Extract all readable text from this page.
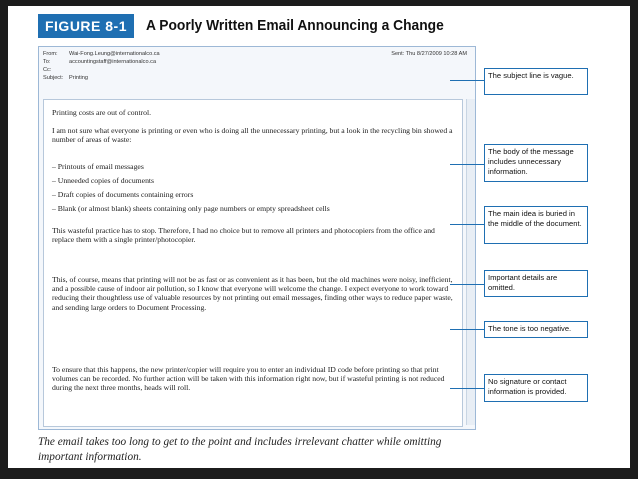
FIGURE 8-1	A Poorly Written Email Announcing a Change
From: Wai-Fong.Leung@internationalco.ca	Sent: Thu 8/27/2009 10:28 AM
To:	accountingstaff@internationalco.ca
Cc:
Subject: Printing

Printing costs are out of control.

I am not sure what everyone is printing or even who is doing all the unnecessary printing, but a look in the recycling bin showed a number of areas of waste:

– Printouts of email messages
– Unneeded copies of documents
– Draft copies of documents containing errors
– Blank (or almost blank) sheets containing only page numbers or empty spreadsheet cells

This wasteful practice has to stop. Therefore, I had no choice but to remove all printers and photocopiers from the office and replace them with a single printer/photocopier.

This, of course, means that printing will not be as fast or as convenient as it has been, but the old machines were noisy, inefficient, and a possible cause of indoor air pollution, so I know that everyone will welcome the change. I expect everyone to work toward reducing their thoughtless use of valuable resources by not printing out email messages, finding other ways to reduce paper waste, and sending large orders to Document Processing.

To ensure that this happens, the new printer/copier will require you to enter an individual ID code before printing so that print volumes can be recorded. No further action will be taken with this information right now, but if wasteful printing is not reduced during the next three months, heads will roll.

The subject line is vague.
The body of the message includes unnecessary information.
The main idea is buried in the middle of the document.
Important details are omitted.
The tone is too negative.
No signature or contact information is provided.

The email takes too long to get to the point and includes irrelevant chatter while omitting important information.
